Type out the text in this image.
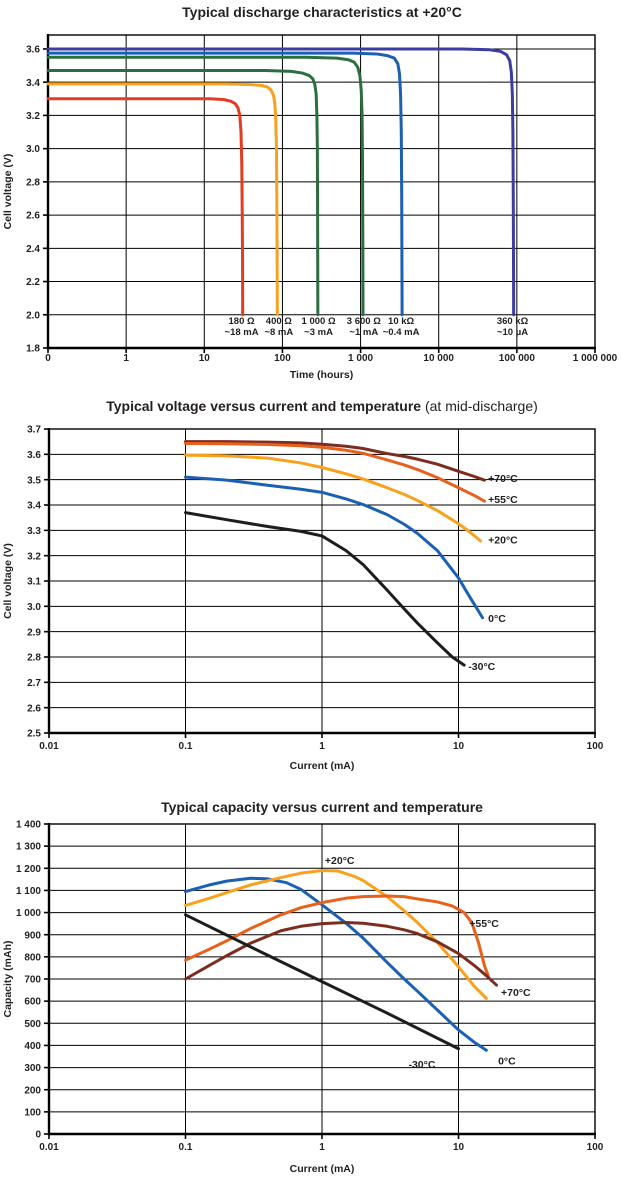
Typical discharge characteristics at +20°C
1.8
2.0
2.2
2.4
2.6
2.8
3.0
3.2
3.4
3.6
0	1	10	100	1 000	10 000	100 000	1 000 000
Time (hours)
Cell voltage (V)
180 Ω
~18 mA
400 Ω
~8 mA
1 000 Ω
~3 mA
3 600 Ω
~1 mA
10 kΩ
~0.4 mA
360 kΩ
~10 µA
Typical voltage versus current and temperature (at mid-discharge)
2.5
2.6
2.7
2.8
2.9
3.0
3.1
3.2
3.3
3.4
3.5
3.6
3.7
0.01	0.1	1	10	100
Current (mA)
Cell voltage (V)
+70°C
+55°C
+20°C
0°C
-30°C
Typical capacity versus current and temperature
0
100
200
300
400
500
600
700
800
900
1 000
1 100
1 200
1 300
1 400
0.01	0.1	1	10	100
Current (mA)
Capacity (mAh)
+20°C
+55°C
+70°C
0°C
-30°C
